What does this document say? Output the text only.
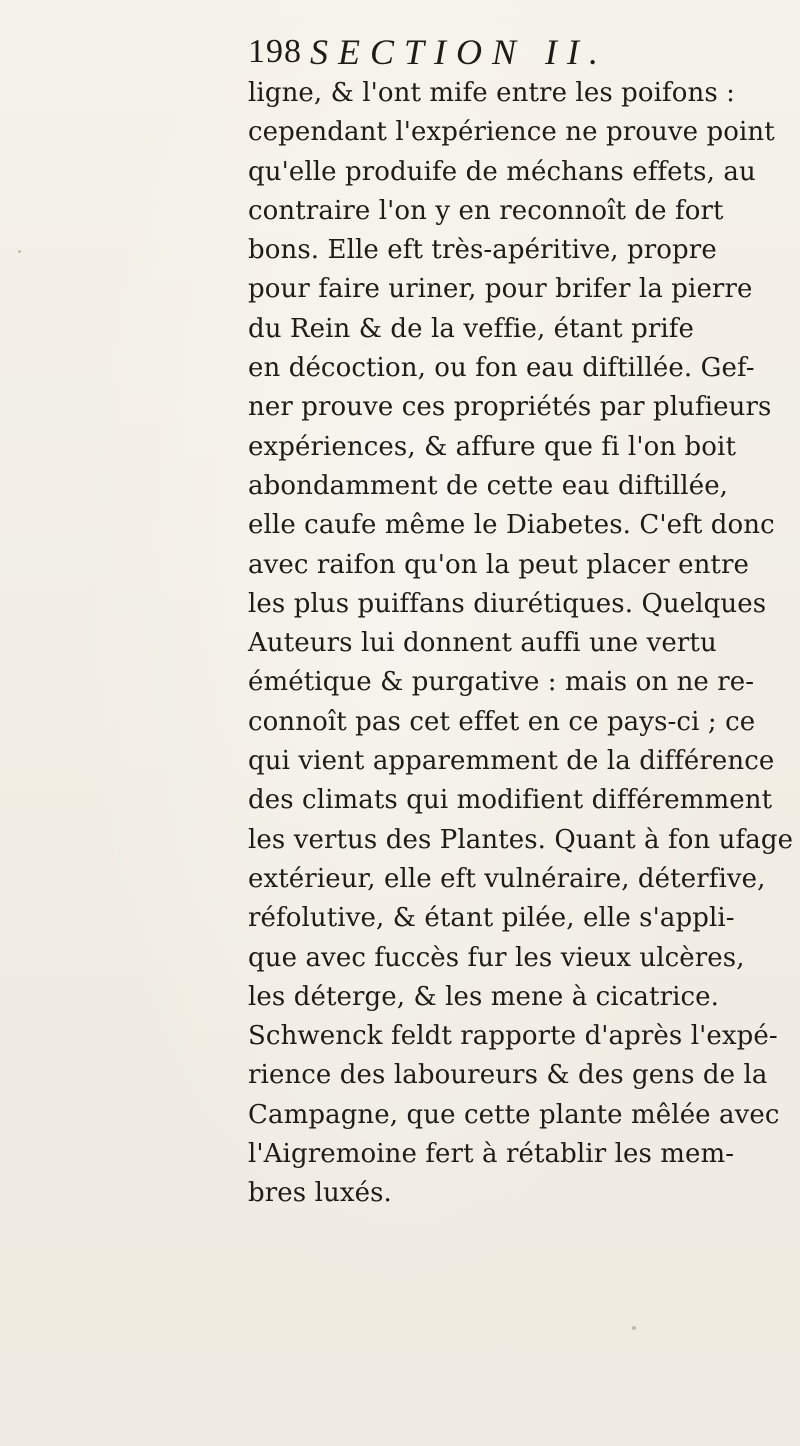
198 SECTION II.
ligne, & l'ont mife entre les poifons :
cependant l'expérience ne prouve point
qu'elle produife de méchans effets, au
contraire l'on y en reconnoît de fort
bons. Elle eft très-apéritive, propre
pour faire uriner, pour brifer la pierre
du Rein & de la veffie, étant prife
en décoction, ou fon eau diftillée. Gef-
ner prouve ces propriétés par plufieurs
expériences, & affure que fi l'on boit
abondamment de cette eau diftillée,
elle caufe même le Diabetes. C'eft donc
avec raifon qu'on la peut placer entre
les plus puiffans diurétiques. Quelques
Auteurs lui donnent auffi une vertu
émétique & purgative : mais on ne re-
connoît pas cet effet en ce pays-ci ; ce
qui vient apparemment de la différence
des climats qui modifient différemment
les vertus des Plantes. Quant à fon ufage
extérieur, elle eft vulnéraire, déterfive,
réfolutive, & étant pilée, elle s'appli-
que avec fuccès fur les vieux ulcères,
les déterge, & les mene à cicatrice.
Schwenck feldt rapporte d'après l'expé-
rience des laboureurs & des gens de la
Campagne, que cette plante mêlée avec
l'Aigremoine fert à rétablir les mem-
bres luxés.
